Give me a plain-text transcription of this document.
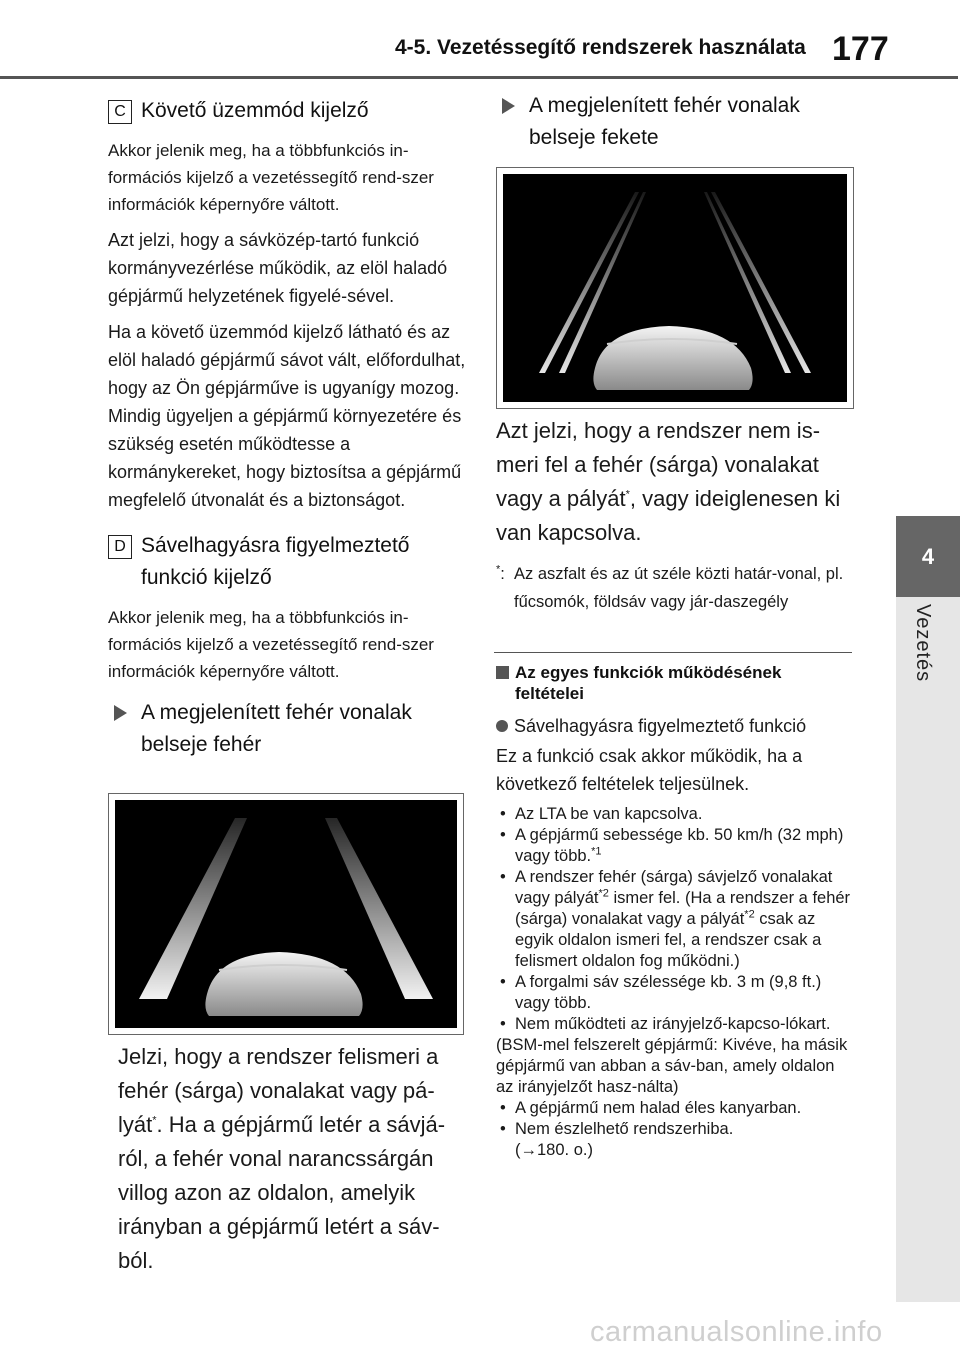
4-5. Vezetéssegítő rendszerek használata 177
4
Vezetés
C Követő üzemmód kijelző

Akkor jelenik meg, ha a többfunkciós in-formációs kijelző a vezetéssegítő rend-szer információk képernyőre váltott.

Azt jelzi, hogy a sávközép-tartó funkció kormányvezérlése működik, az elöl haladó gépjármű helyzetének figyelé-sével.

Ha a követő üzemmód kijelző látható és az elöl haladó gépjármű sávot vált, előfordulhat, hogy az Ön gépjárműve is ugyanígy mozog. Mindig ügyeljen a gépjármű környezetére és szükség esetén működtesse a kormánykereket, hogy biztosítsa a gépjármű megfelelő útvonalát és a biztonságot.

D Sávelhagyásra figyelmeztető funkció kijelző

Akkor jelenik meg, ha a többfunkciós in-formációs kijelző a vezetéssegítő rend-szer információk képernyőre váltott.

A megjelenített fehér vonalak belseje fehér

Jelzi, hogy a rendszer felismeri a fehér (sárga) vonalakat vagy pá-lyát*. Ha a gépjármű letér a sávjá-ról, a fehér vonal narancssárgán villog azon az oldalon, amelyik irányban a gépjármű letért a sáv-ból.

A megjelenített fehér vonalak belseje fekete

Azt jelzi, hogy a rendszer nem is-meri fel a fehér (sárga) vonalakat vagy a pályát*, vagy ideiglenesen ki van kapcsolva.

*: Az aszfalt és az út széle közti határ-vonal, pl. fűcsomók, földsáv vagy jár-daszegély
Az egyes funkciók működésének feltételei
Sávelhagyásra figyelmeztető funkció

Ez a funkció csak akkor működik, ha a következő feltételek teljesülnek.

• Az LTA be van kapcsolva.
• A gépjármű sebessége kb. 50 km/h (32 mph) vagy több.$^{*1}$
• A rendszer fehér (sárga) sávjelző vonalakat vagy pályát$^{*2}$ ismer fel. (Ha a rendszer a fehér (sárga) vonalakat vagy a pályát$^{*2}$ csak az egyik oldalon ismeri fel, a rendszer csak a felismert oldalon fog működni.)
• A forgalmi sáv szélessége kb. 3 m (9,8 ft.) vagy több.
• Nem működteti az irányjelző-kapcso-lókart.

(BSM-mel felszerelt gépjármű: Kivéve, ha másik gépjármű van abban a sáv-ban, amely oldalon az irányjelzőt hasz-nálta)

• A gépjármű nem halad éles kanyarban.
• Nem észlelhető rendszerhiba.
(→180. o.)
carmanualsonline.info
